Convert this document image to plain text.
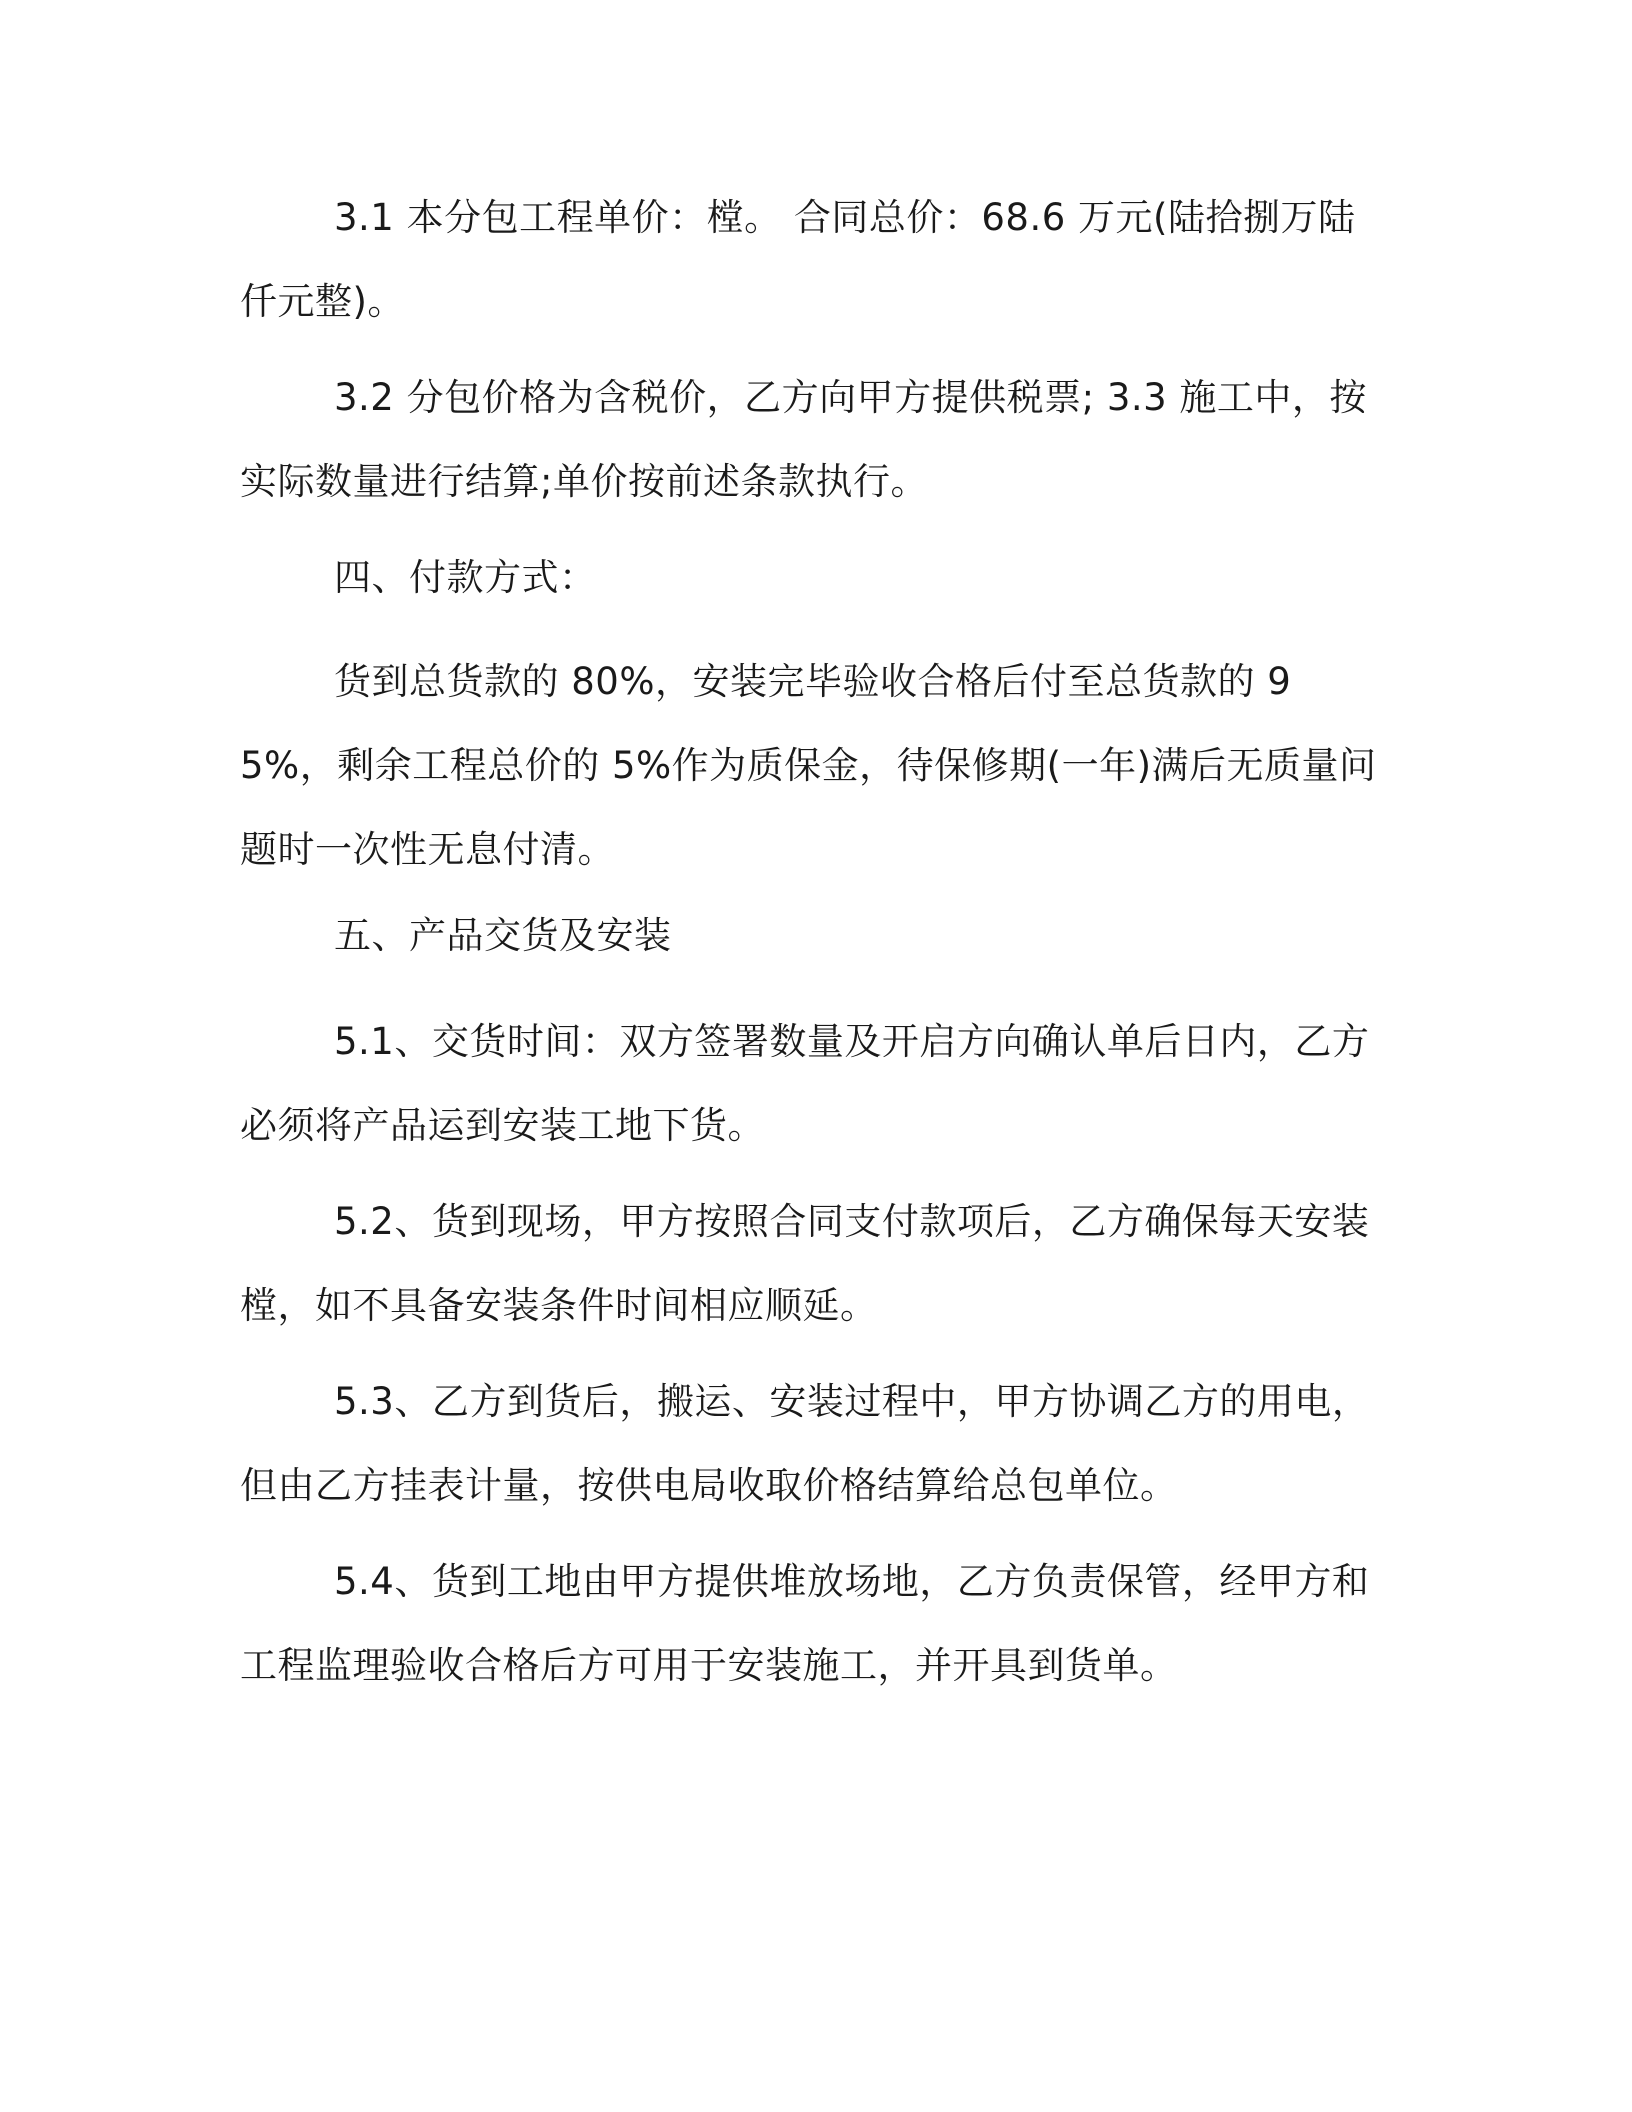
3.1 本分包工程单价：樘。 合同总价：68.6 万元(陆拾捌万陆仟元整)。

3.2 分包价格为含税价，乙方向甲方提供税票; 3.3 施工中，按实际数量进行结算;单价按前述条款执行。

四、付款方式：

货到总货款的 80%，安装完毕验收合格后付至总货款的 95%，剩余工程总价的 5%作为质保金，待保修期(一年)满后无质量问题时一次性无息付清。

五、产品交货及安装

5.1、交货时间：双方签署数量及开启方向确认单后日内，乙方必须将产品运到安装工地下货。

5.2、货到现场，甲方按照合同支付款项后，乙方确保每天安装樘，如不具备安装条件时间相应顺延。

5.3、乙方到货后，搬运、安装过程中，甲方协调乙方的用电，但由乙方挂表计量，按供电局收取价格结算给总包单位。

5.4、货到工地由甲方提供堆放场地，乙方负责保管，经甲方和工程监理验收合格后方可用于安装施工，并开具到货单。
